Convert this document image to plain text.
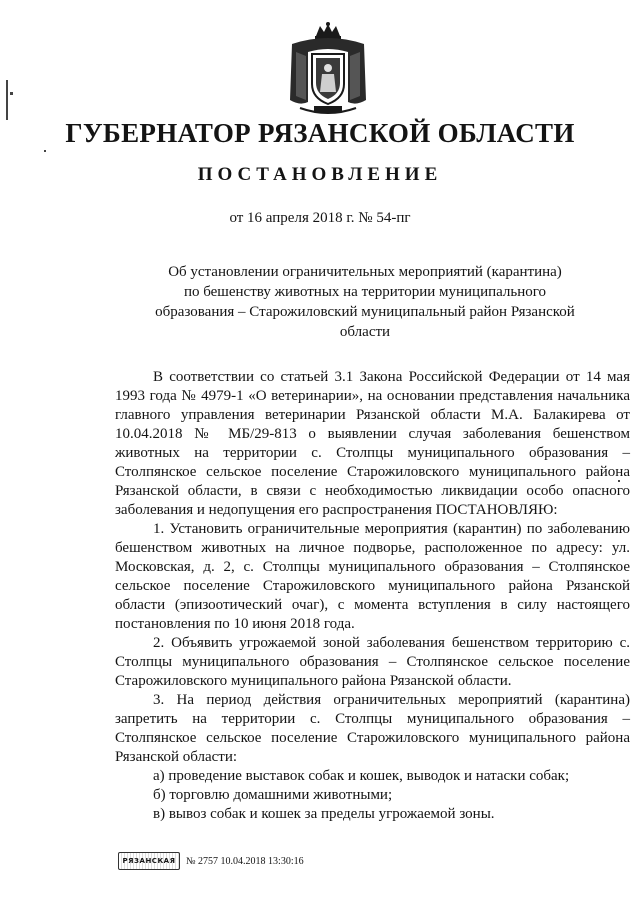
ГУБЕРНАТОР РЯЗАНСКОЙ ОБЛАСТИ
ПОСТАНОВЛЕНИЕ
от 16 апреля 2018 г. № 54-пг
Об установлении ограничительных мероприятий (карантина)
по бешенству животных на территории муниципального
образования – Старожиловский муниципальный район Рязанской области

В соответствии со статьей 3.1 Закона Российской Федерации от 14 мая 1993 года № 4979-1 «О ветеринарии», на основании представления начальника главного управления ветеринарии Рязанской области М.А. Балакирева от 10.04.2018 № МБ/29-813 о выявлении случая заболевания бешенством животных на территории с. Столпцы муниципального образования – Столпянское сельское поселение Старожиловского муниципального района Рязанской области, в связи с необходимостью ликвидации особо опасного заболевания и недопущения его распространения ПОСТАНОВЛЯЮ:

1. Установить ограничительные мероприятия (карантин) по заболеванию бешенством животных на личное подворье, расположенное по адресу: ул. Московская, д. 2, с. Столпцы муниципального образования – Столпянское сельское поселение Старожиловского муниципального района Рязанской области (эпизоотический очаг), с момента вступления в силу настоящего постановления по 10 июня 2018 года.

2. Объявить угрожаемой зоной заболевания бешенством территорию с. Столпцы муниципального образования – Столпянское сельское поселение Старожиловского муниципального района Рязанской области.

3. На период действия ограничительных мероприятий (карантина) запретить на территории с. Столпцы муниципального образования – Столпянское сельское поселение Старожиловского муниципального района Рязанской области:

а) проведение выставок собак и кошек, выводок и натаски собак;

б) торговлю домашними животными;

в) вывоз собак и кошек за пределы угрожаемой зоны.

РЯЗАНСКАЯ	№ 2757 10.04.2018 13:30:16
